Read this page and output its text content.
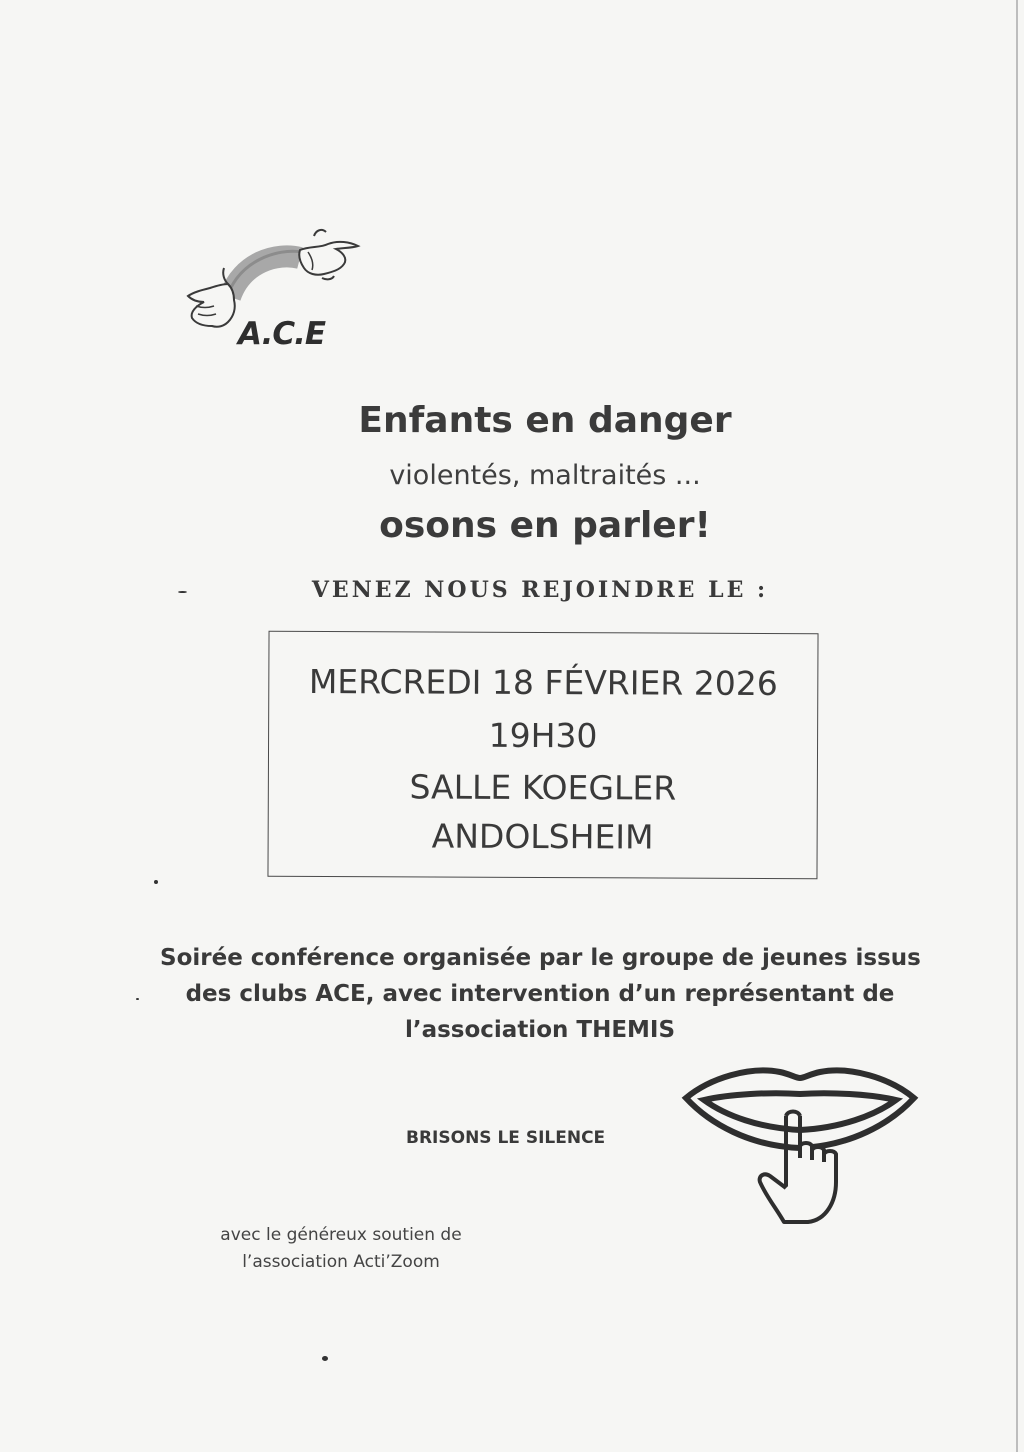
A.C.E
Enfants en danger
violentés, maltraités ...
osons en parler!
VENEZ NOUS REJOINDRE LE :
MERCREDI 18 FÉVRIER 2026
19H30
SALLE KOEGLER
ANDOLSHEIM
Soirée conférence organisée par le groupe de jeunes issus
des clubs ACE, avec intervention d’un représentant de
l’association THEMIS
BRISONS LE SILENCE
avec le généreux soutien de
l’association Acti’Zoom
